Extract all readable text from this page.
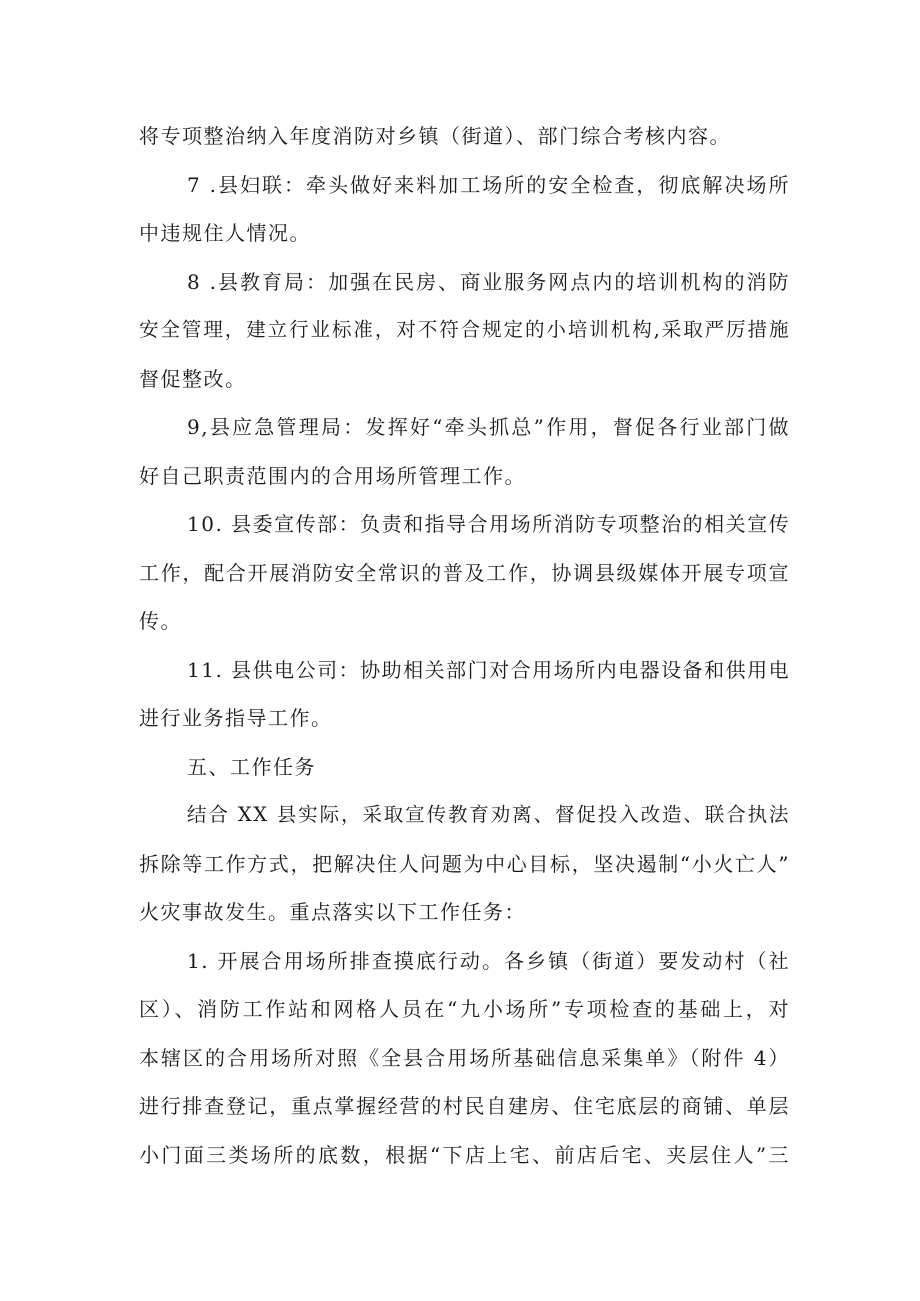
将专项整治纳入年度消防对乡镇（街道）、部门综合考核内容。
7 .县妇联：牵头做好来料加工场所的安全检查，彻底解决场所
中违规住人情况。
8 .县教育局：加强在民房、商业服务网点内的培训机构的消防
安全管理，建立行业标准，对不符合规定的小培训机构,采取严厉措施
督促整改。
9,县应急管理局：发挥好“牵头抓总”作用，督促各行业部门做
好自己职责范围内的合用场所管理工作。
10. 县委宣传部：负责和指导合用场所消防专项整治的相关宣传
工作，配合开展消防安全常识的普及工作，协调县级媒体开展专项宣
传。
11. 县供电公司：协助相关部门对合用场所内电器设备和供用电
进行业务指导工作。
五、工作任务
结合 XX 县实际，采取宣传教育劝离、督促投入改造、联合执法
拆除等工作方式，把解决住人问题为中心目标，坚决遏制“小火亡人”
火灾事故发生。重点落实以下工作任务：
1. 开展合用场所排查摸底行动。各乡镇（街道）要发动村（社
区）、消防工作站和网格人员在“九小场所”专项检查的基础上，对
本辖区的合用场所对照《全县合用场所基础信息采集单》（附件 4）
进行排查登记，重点掌握经营的村民自建房、住宅底层的商铺、单层
小门面三类场所的底数，根据“下店上宅、前店后宅、夹层住人”三
